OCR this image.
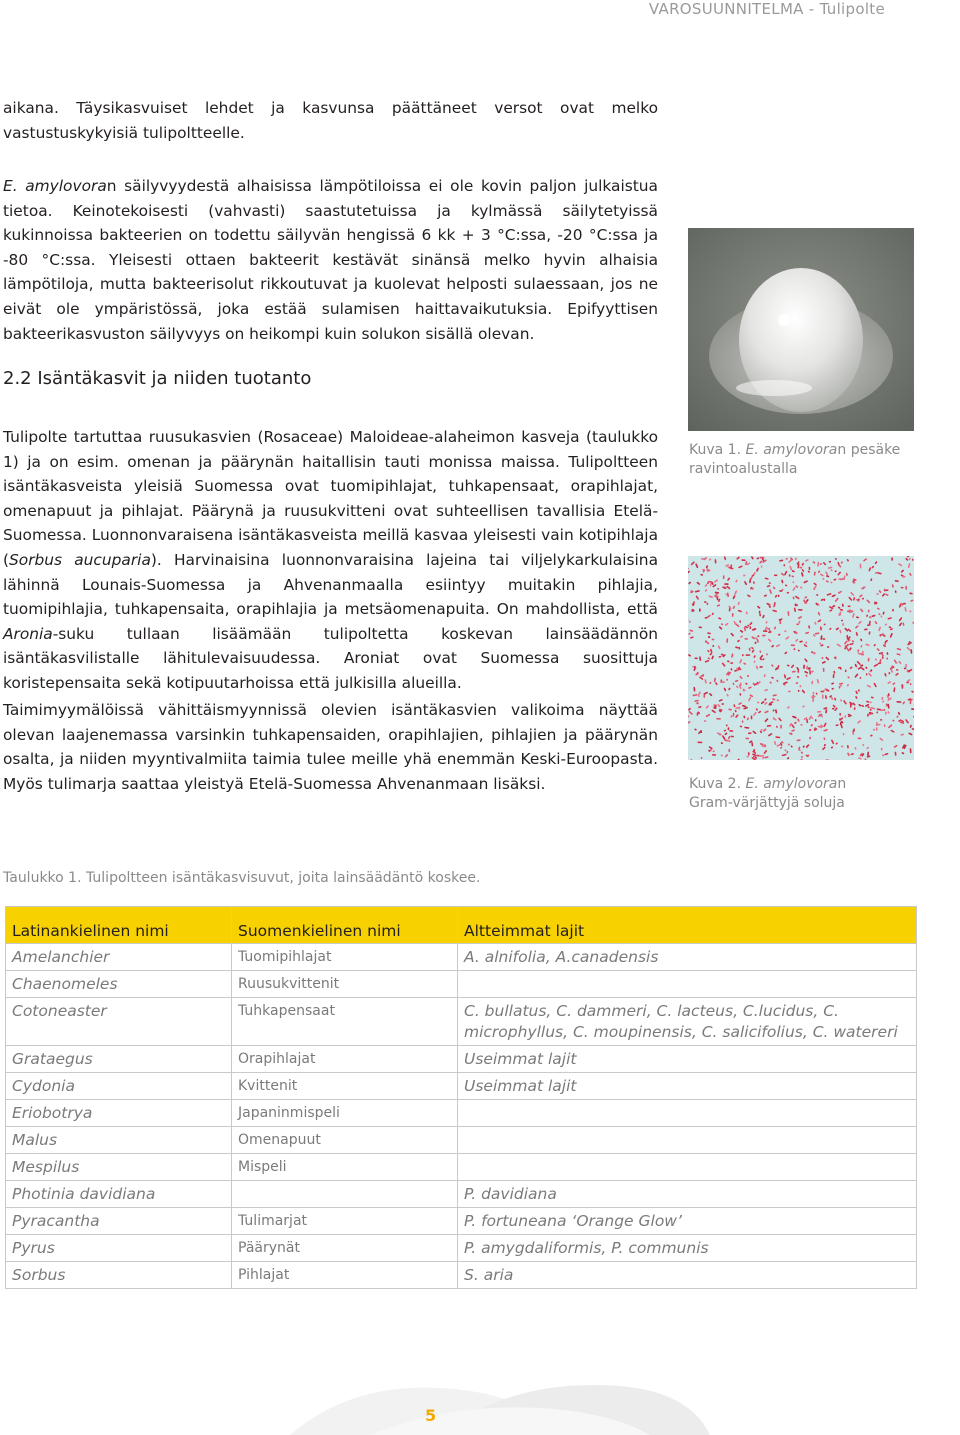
VAROSUUNNITELMA - Tulipolte

aikana. Täysikasvuiset lehdet ja kasvunsa päättäneet versot ovat melko vastustuskykyisiä tulipoltteelle.

E. amylovoran säilyvyydestä alhaisissa lämpötiloissa ei ole kovin paljon julkaistua tietoa. Keinotekoisesti (vahvasti) saastutetuissa ja kylmässä säilytetyissä kukinnoissa bakteerien on todettu säilyvän hengissä 6 kk + 3 °C:ssa, -20 °C:ssa ja -80 °C:ssa. Yleisesti ottaen bakteerit kestävät sinänsä melko hyvin alhaisia lämpötiloja, mutta bakteerisolut rikkoutuvat ja kuolevat helposti sulaessaan, jos ne eivät ole ympäristössä, joka estää sulamisen haittavaikutuksia. Epifyyttisen bakteerikasvuston säilyvyys on heikompi kuin solukon sisällä olevan.

2.2 Isäntäkasvit ja niiden tuotanto

Tulipolte tartuttaa ruusukasvien (Rosaceae) Maloideae-alaheimon kasveja (taulukko 1) ja on esim. omenan ja päärynän haitallisin tauti monissa maissa. Tulipoltteen isäntäkasveista yleisiä Suomessa ovat tuomipihlajat, tuhkapensaat, orapihlajat, omenapuut ja pihlajat. Päärynä ja ruusukvitteni ovat suhteellisen tavallisia Etelä-Suomessa. Luonnonvaraisena isäntäkasveista meillä kasvaa yleisesti vain kotipihlaja (Sorbus aucuparia). Harvinaisina luonnonvaraisina lajeina tai viljelykarkulaisina lähinnä Lounais-Suomessa ja Ahvenanmaalla esiintyy muitakin pihlajia, tuomipihlajia, tuhkapensaita, orapihlajia ja metsäomenapuita. On mahdollista, että Aronia-suku tullaan lisäämään tulipoltetta koskevan lainsäädännön isäntäkasvilistalle lähitulevaisuudessa. Aroniat ovat Suomessa suosittuja koristepensaita sekä kotipuutarhoissa että julkisilla alueilla.

Taimimyymälöissä vähittäismyynnissä olevien isäntäkasvien valikoima näyttää olevan laajenemassa varsinkin tuhkapensaiden, orapihlajien, pihlajien ja päärynän osalta, ja niiden myyntivalmiita taimia tulee meille yhä enemmän Keski-Euroopasta. Myös tulimarja saattaa yleistyä Etelä-Suomessa Ahvenanmaan lisäksi.

Kuva 1. E. amylovoran pesäke ravintoalustalla
Kuva 2. E. amylovoran Gram-värjättyjä soluja
Taulukko 1. Tulipoltteen isäntäkasvisuvut, joita lainsäädäntö koskee.
Latinankielinen nimi	Suomenkielinen nimi	Altteimmat lajit
Amelanchier	Tuomipihlajat	A. alnifolia, A.canadensis
Chaenomeles	Ruusukvittenit	
Cotoneaster	Tuhkapensaat	C. bullatus, C. dammeri, C. lacteus, C.lucidus, C. microphyllus, C. moupinensis, C. salicifolius, C. watereri
Grataegus	Orapihlajat	Useimmat lajit
Cydonia	Kvittenit	Useimmat lajit
Eriobotrya	Japaninmispeli	
Malus	Omenapuut	
Mespilus	Mispeli	
Photinia davidiana		P. davidiana
Pyracantha	Tulimarjat	P. fortuneana ‘Orange Glow’
Pyrus	Päärynät	P. amygdaliformis, P. communis
Sorbus	Pihlajat	S. aria
5
